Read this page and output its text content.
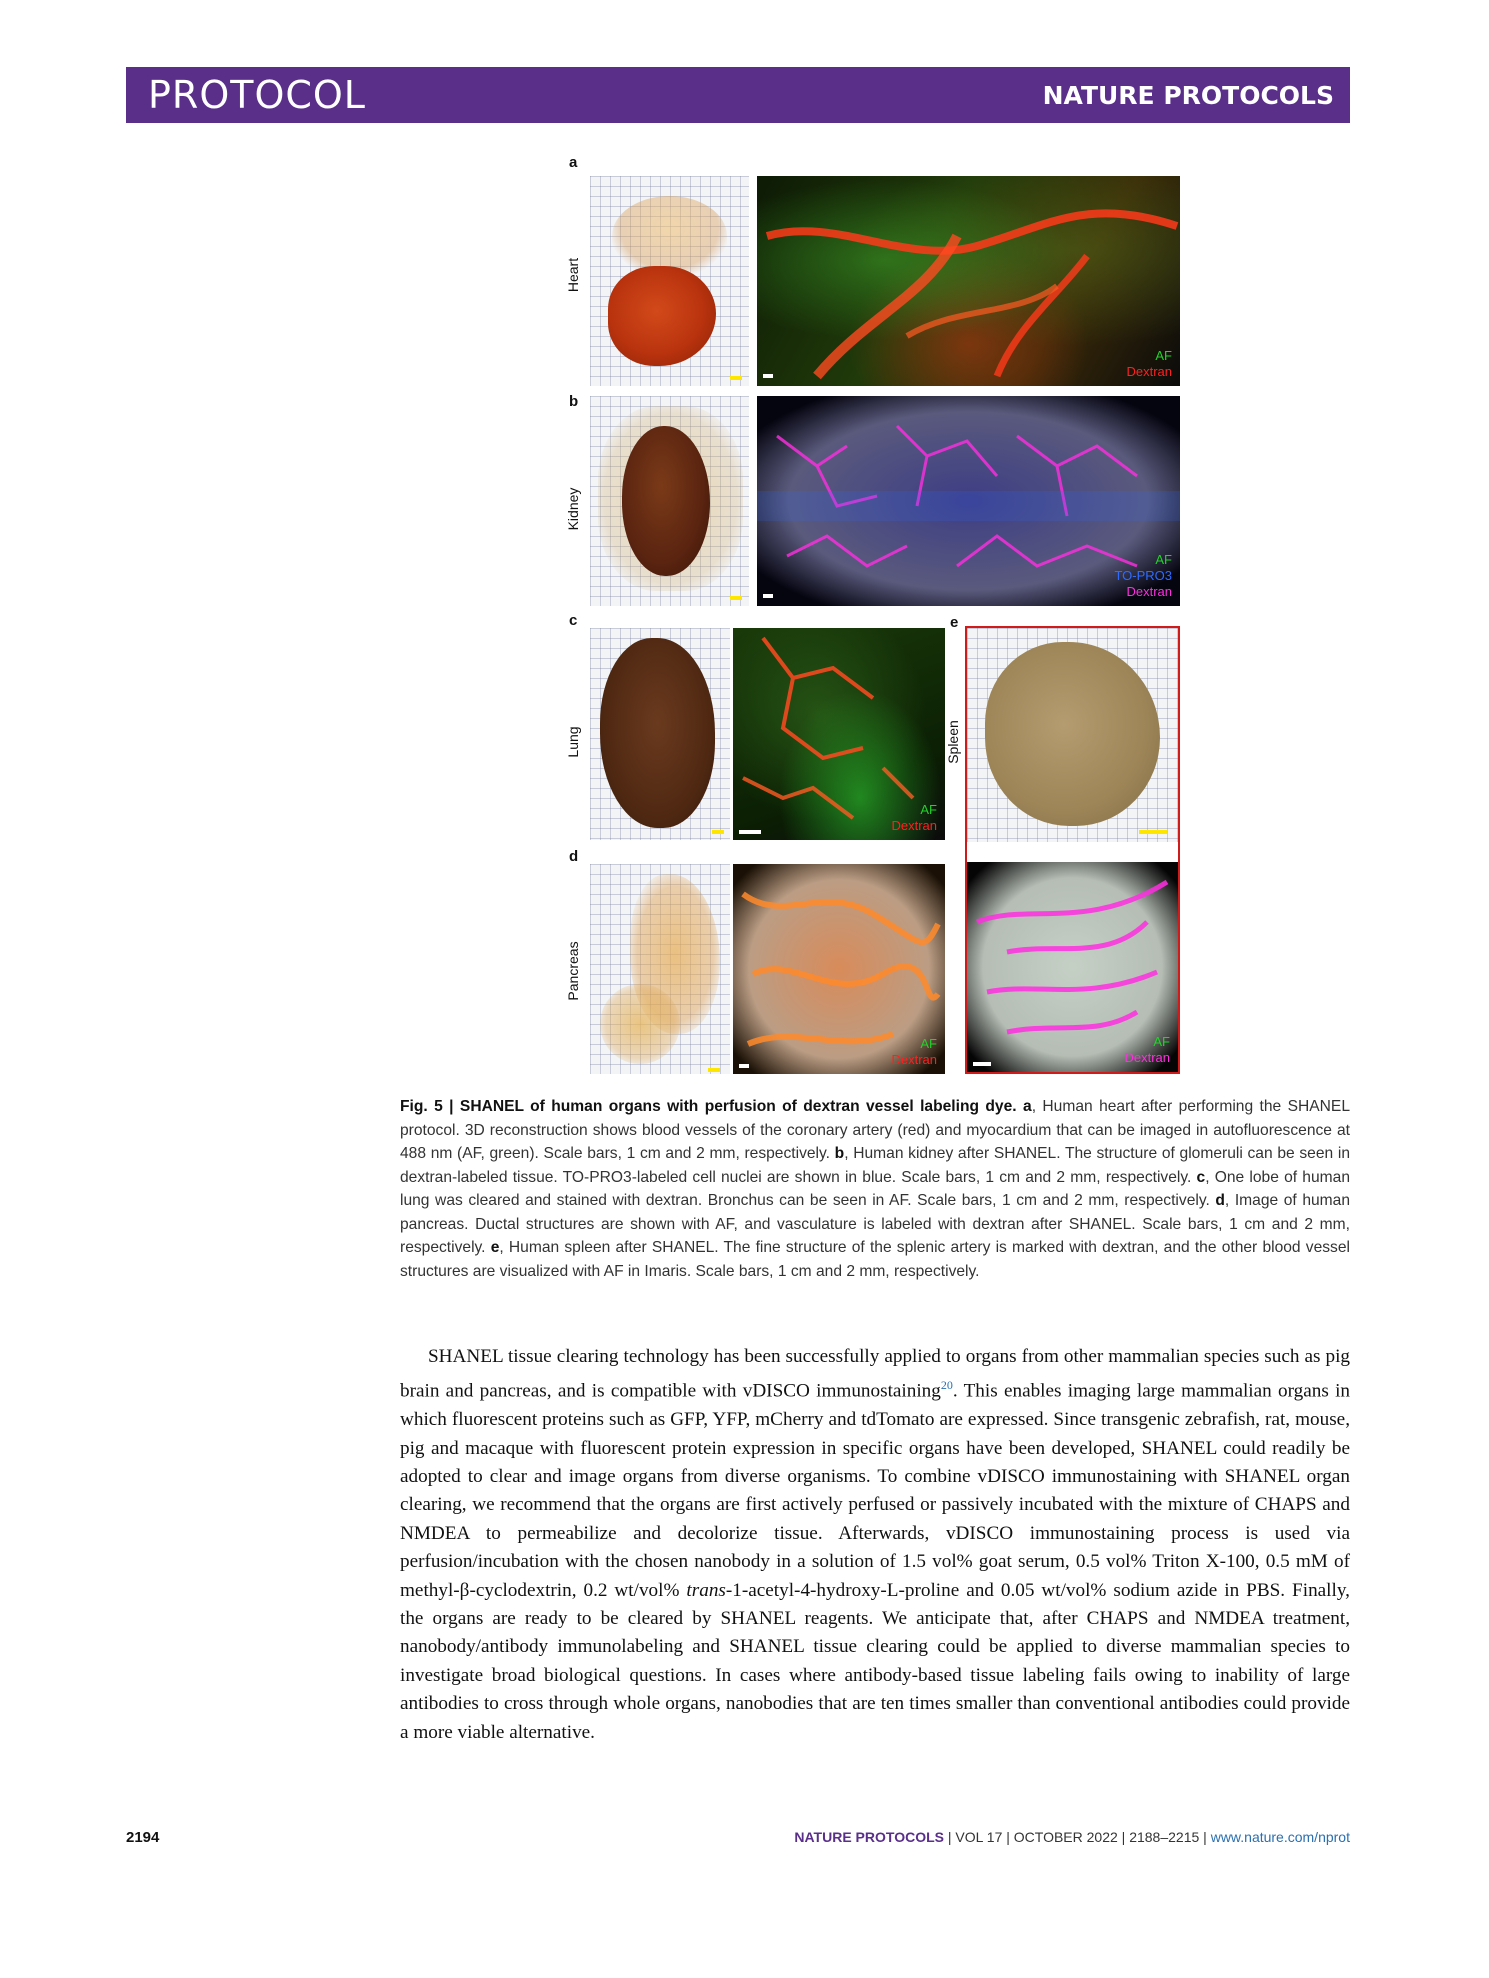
PROTOCOL	NATURE PROTOCOLS
a
Heart
AF
Dextran
b
Kidney
AF
TO-PRO3
Dextran
c
Lung
AF
Dextran
e
Spleen
AF
Dextran
d
Pancreas
AF
Dextran
Fig. 5 | SHANEL of human organs with perfusion of dextran vessel labeling dye. a, Human heart after performing the SHANEL protocol. 3D reconstruction shows blood vessels of the coronary artery (red) and myocardium that can be imaged in autofluorescence at 488 nm (AF, green). Scale bars, 1 cm and 2 mm, respectively. b, Human kidney after SHANEL. The structure of glomeruli can be seen in dextran-labeled tissue. TO-PRO3-labeled cell nuclei are shown in blue. Scale bars, 1 cm and 2 mm, respectively. c, One lobe of human lung was cleared and stained with dextran. Bronchus can be seen in AF. Scale bars, 1 cm and 2 mm, respectively. d, Image of human pancreas. Ductal structures are shown with AF, and vasculature is labeled with dextran after SHANEL. Scale bars, 1 cm and 2 mm, respectively. e, Human spleen after SHANEL. The fine structure of the splenic artery is marked with dextran, and the other blood vessel structures are visualized with AF in Imaris. Scale bars, 1 cm and 2 mm, respectively.
SHANEL tissue clearing technology has been successfully applied to organs from other mammalian species such as pig brain and pancreas, and is compatible with vDISCO immunostaining$^{20}$. This enables imaging large mammalian organs in which fluorescent proteins such as GFP, YFP, mCherry and tdTomato are expressed. Since transgenic zebrafish, rat, mouse, pig and macaque with fluorescent protein expression in specific organs have been developed, SHANEL could readily be adopted to clear and image organs from diverse organisms. To combine vDISCO immunostaining with SHANEL organ clearing, we recommend that the organs are first actively perfused or passively incubated with the mixture of CHAPS and NMDEA to permeabilize and decolorize tissue. Afterwards, vDISCO immunostaining process is used via perfusion/incubation with the chosen nanobody in a solution of 1.5 vol% goat serum, 0.5 vol% Triton X-100, 0.5 mM of methyl-β-cyclodextrin, 0.2 wt/vol% trans-1-acetyl-4-hydroxy-L-proline and 0.05 wt/vol% sodium azide in PBS. Finally, the organs are ready to be cleared by SHANEL reagents. We anticipate that, after CHAPS and NMDEA treatment, nanobody/antibody immunolabeling and SHANEL tissue clearing could be applied to diverse mammalian species to investigate broad biological questions. In cases where antibody-based tissue labeling fails owing to inability of large antibodies to cross through whole organs, nanobodies that are ten times smaller than conventional antibodies could provide a more viable alternative.
2194	NATURE PROTOCOLS | VOL 17 | OCTOBER 2022 | 2188–2215 | www.nature.com/nprot
